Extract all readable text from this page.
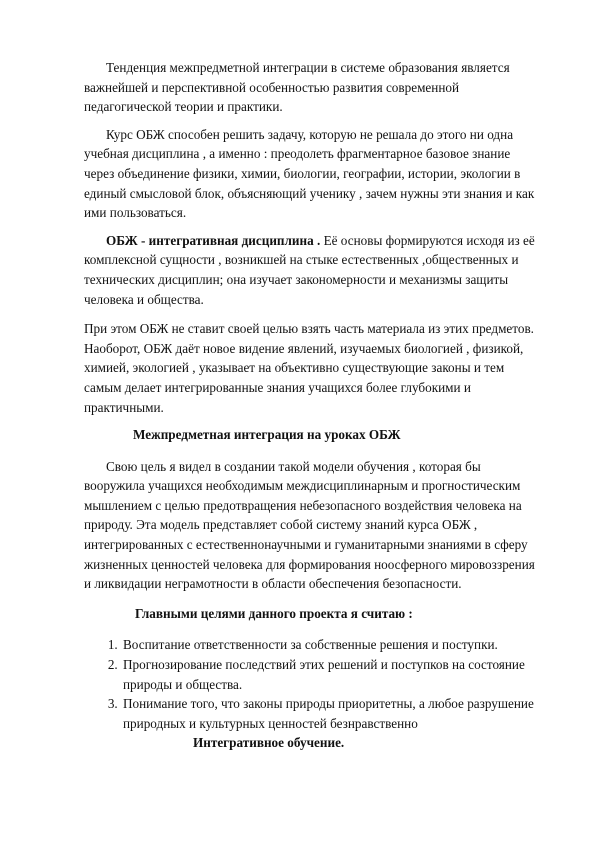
Тенденция межпредметной интеграции в системе образования является важнейшей и перспективной особенностью развития современной педагогической теории и практики.

Курс ОБЖ способен решить задачу, которую не решала до этого ни одна учебная дисциплина , а именно : преодолеть фрагментарное базовое знание через объединение физики, химии, биологии, географии, истории, экологии в единый смысловой блок, объясняющий ученику , зачем нужны эти знания и как ими пользоваться.

ОБЖ - интегративная дисциплина . Её основы формируются исходя из её комплексной сущности , возникшей на стыке естественных ,общественных и технических дисциплин; она изучает закономерности и механизмы защиты человека и общества.

При этом ОБЖ не ставит своей целью взять часть материала из этих предметов. Наоборот, ОБЖ даёт новое видение явлений, изучаемых биологией , физикой, химией, экологией , указывает на объективно существующие законы и тем самым делает интегрированные знания учащихся более глубокими и практичными.

Межпредметная интеграция на уроках ОБЖ

Свою цель я видел в создании такой модели обучения , которая бы вооружила учащихся необходимым междисциплинарным и прогностическим мышлением с целью предотвращения небезопасного воздействия человека на природу. Эта модель представляет собой систему знаний курса ОБЖ , интегрированных с естественнонаучными и гуманитарными знаниями в сферу жизненных ценностей человека для формирования ноосферного мировоззрения и ликвидации неграмотности в области обеспечения безопасности.

Главными целями данного проекта я считаю :

1. Воспитание ответственности за собственные решения и поступки.
2. Прогнозирование последствий этих решений и поступков на состояние природы и общества.
3. Понимание того, что законы природы приоритетны, а любое разрушение природных и культурных ценностей безнравственно

Интегративное обучение.
